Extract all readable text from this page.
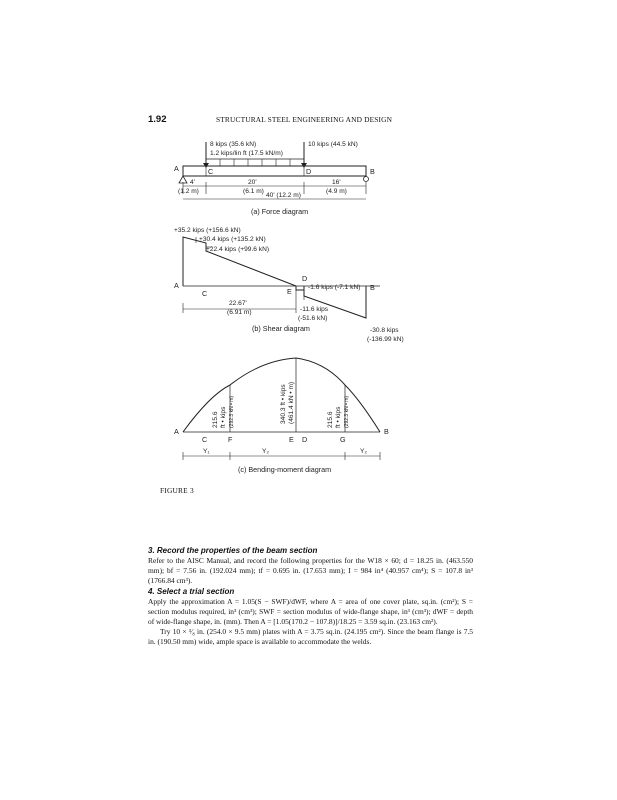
1.92	STRUCTURAL STEEL ENGINEERING AND DESIGN
8 kips (35.6 kN)
1.2 kips/lin ft (17.5 kN/m)
10 kips (44.5 kN)
A	C	D	B
4'
(1.2 m)
20'
(6.1 m)
40' (12.2 m)
16'
(4.9 m)
(a) Force diagram
+35.2 kips (+156.6 kN)
+30.4 kips (+135.2 kN)
+22.4 kips (+99.6 kN)
A
C	E
D
B
-1.6 kips (-7.1 kN)
22.67'
(6.91 m)	-11.6 kips
(-51.6 kN)
-30.8 kips
(-136.99 kN)
(b) Shear diagram
215.6 ft • kips (292.3 kN • m)	340.3 ft • kips (461.4 kN • m)	215.6 ft • kips (292.3 kN • m)
A
C	F	E D	G
B
Y₁	Y₂	Y₂
(c) Bending-moment diagram
FIGURE 3

3. Record the properties of the beam section

Refer to the AISC Manual, and record the following properties for the W18 × 60; d = 18.25 in. (463.550 mm); bf = 7.56 in. (192.024 mm); tf = 0.695 in. (17.653 mm); I = 984 in⁴ (40.957 cm⁴); S = 107.8 in³ (1766.84 cm³).

4. Select a trial section

Apply the approximation A = 1.05(S − SWF)/dWF, where A = area of one cover plate, sq.in. (cm²); S = section modulus required, in³ (cm³); SWF = section modulus of wide-flange shape, in³ (cm³); dWF = depth of wide-flange shape, in. (mm). Then A = [1.05(170.2 − 107.8)]/18.25 = 3.59 sq.in. (23.163 cm²).

Try 10 × ³⁄₈ in. (254.0 × 9.5 mm) plates with A = 3.75 sq.in. (24.195 cm²). Since the beam flange is 7.5 in. (190.50 mm) wide, ample space is available to accommodate the welds.
